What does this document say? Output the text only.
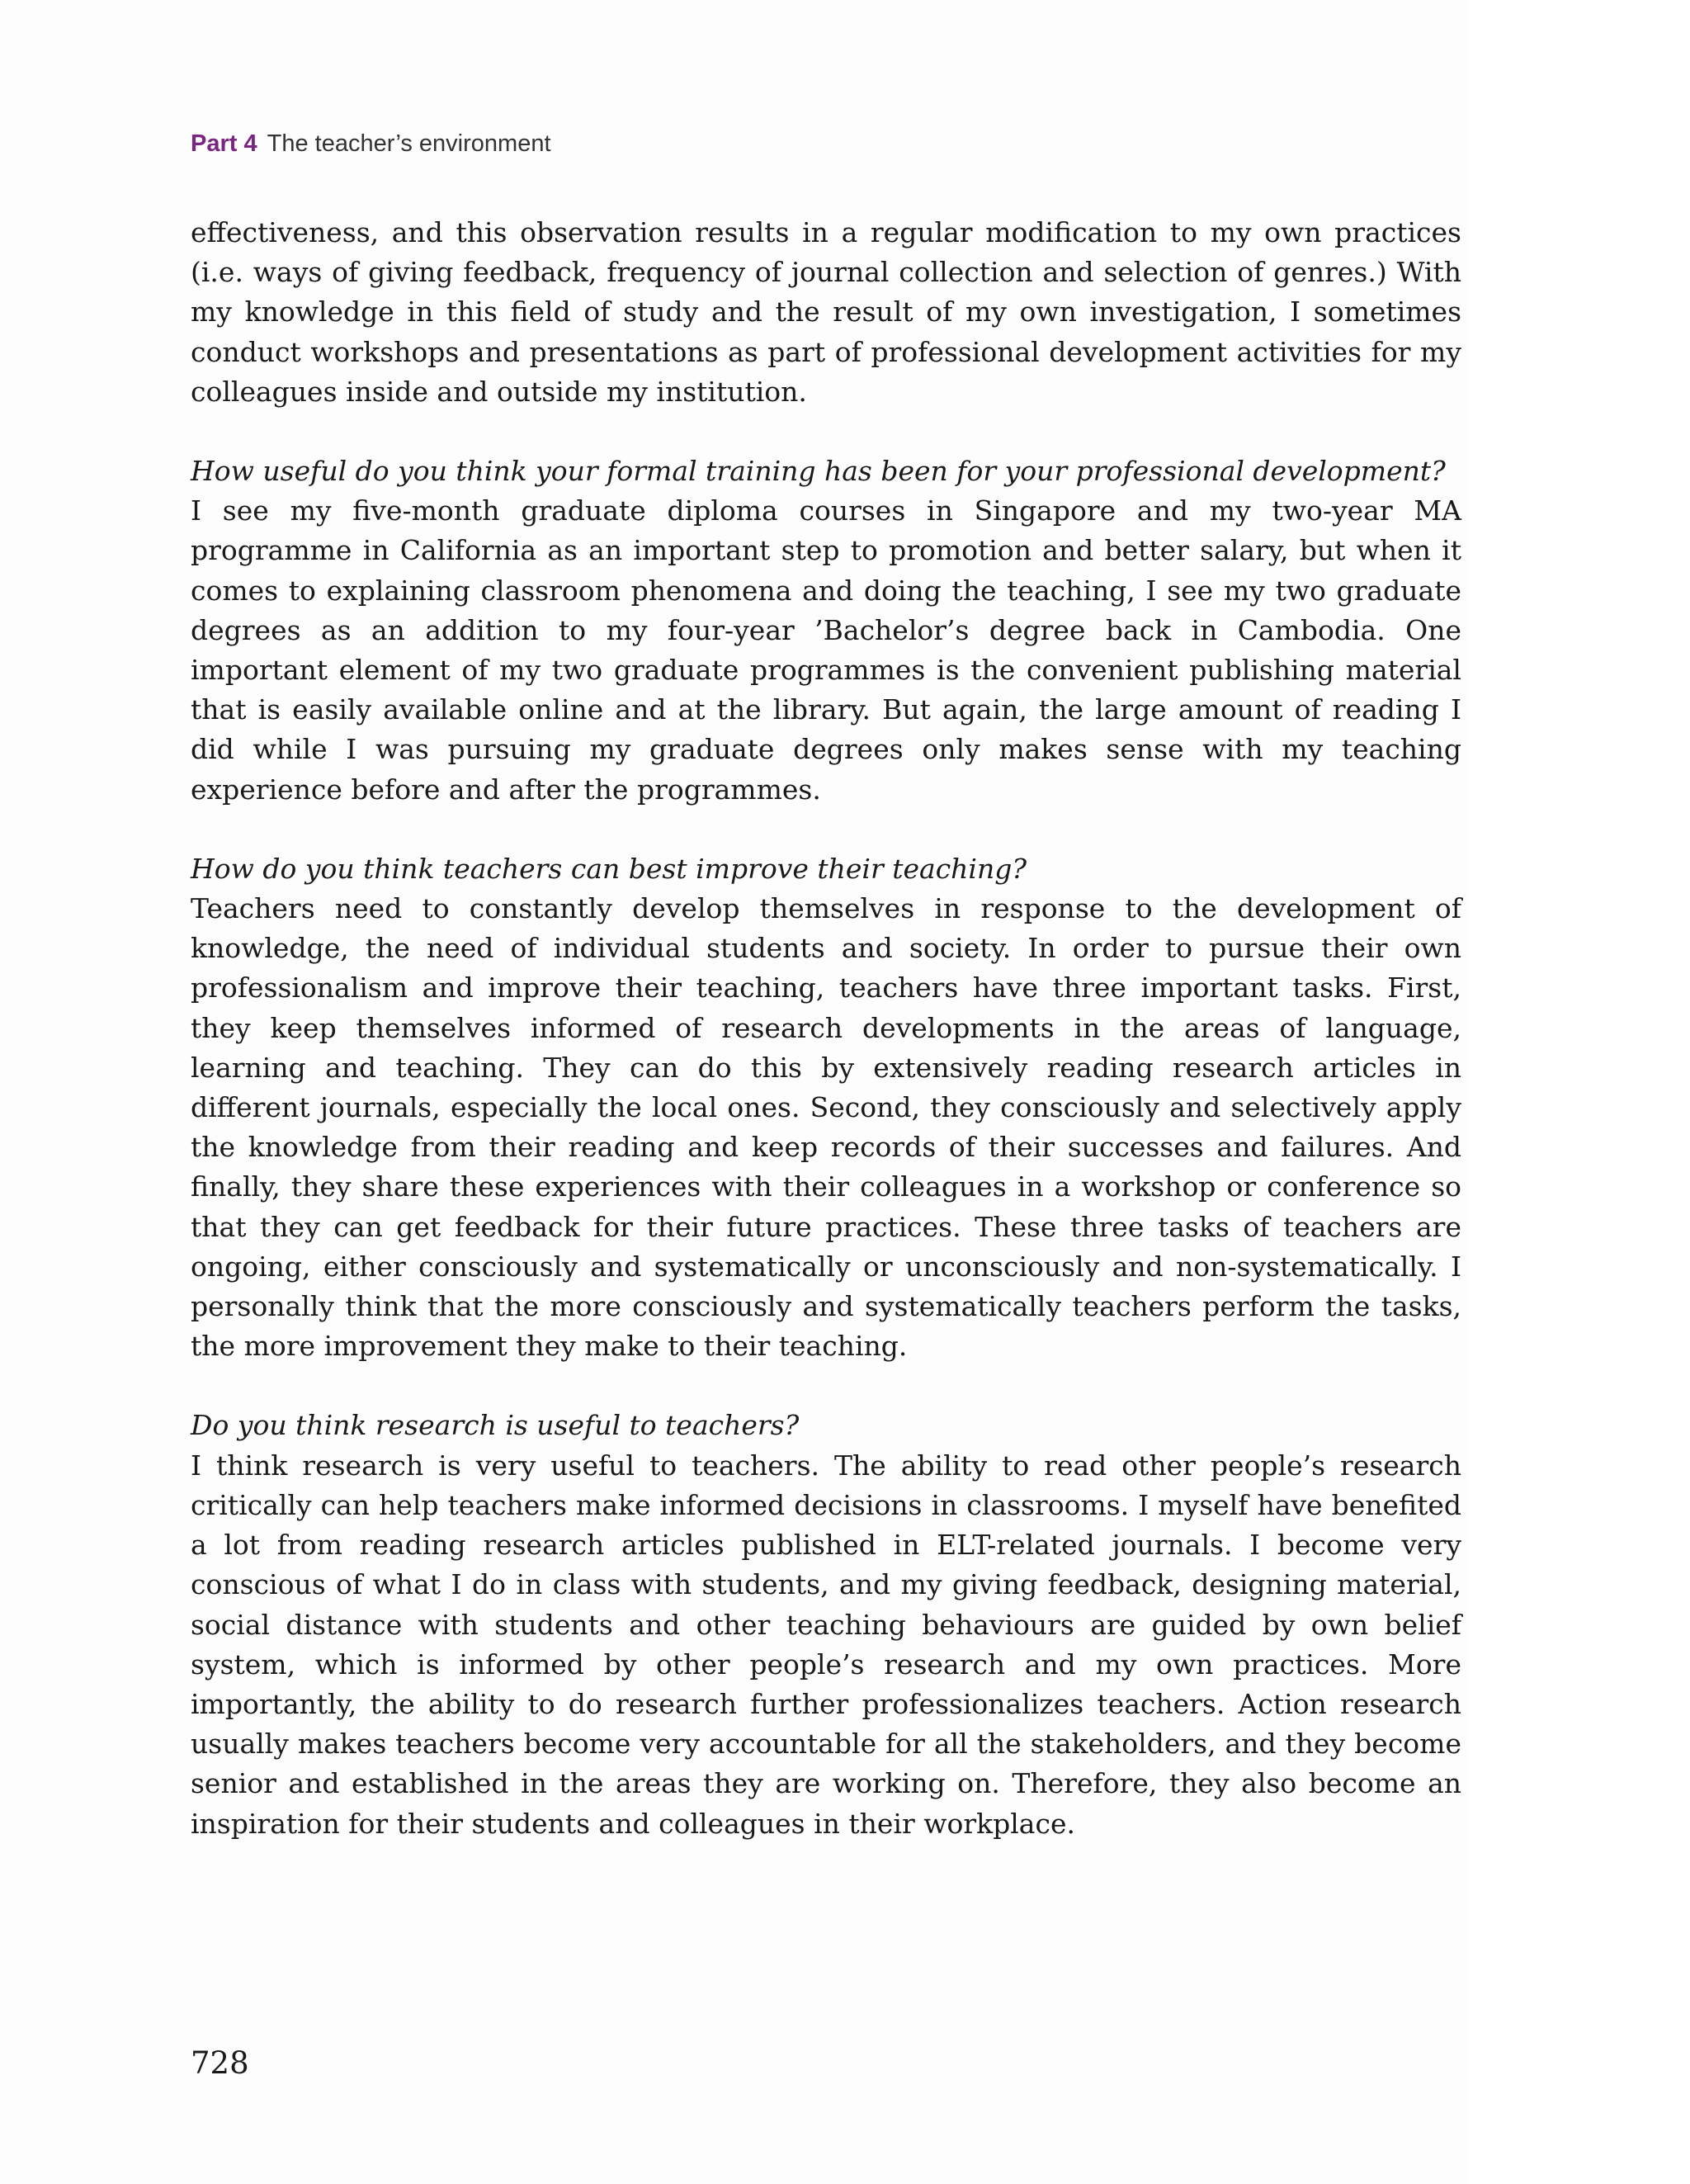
Part 4 The teacher’s environment

effectiveness, and this observation results in a regular modification to my own practices (i.e. ways of giving feedback, frequency of journal collection and selection of genres.) With my knowledge in this field of study and the result of my own investigation, I sometimes conduct workshops and presentations as part of professional development activities for my colleagues inside and outside my institution.

How useful do you think your formal training has been for your professional development?

I see my five-month graduate diploma courses in Singapore and my two-year MA programme in California as an important step to promotion and better salary, but when it comes to explaining classroom phenomena and doing the teaching, I see my two graduate degrees as an addition to my four-year ’Bachelor’s degree back in Cambodia. One important element of my two graduate programmes is the convenient publishing material that is easily available online and at the library. But again, the large amount of reading I did while I was pursuing my graduate degrees only makes sense with my teaching experience before and after the programmes.

How do you think teachers can best improve their teaching?

Teachers need to constantly develop themselves in response to the development of knowledge, the need of individual students and society. In order to pursue their own professionalism and improve their teaching, teachers have three important tasks. First, they keep themselves informed of research developments in the areas of language, learning and teaching. They can do this by extensively reading research articles in different journals, especially the local ones. Second, they consciously and selectively apply the knowledge from their reading and keep records of their successes and failures. And finally, they share these experiences with their colleagues in a workshop or conference so that they can get feedback for their future practices. These three tasks of teachers are ongoing, either consciously and systematically or unconsciously and non-systematically. I personally think that the more consciously and systematically teachers perform the tasks, the more improvement they make to their teaching.

Do you think research is useful to teachers?

I think research is very useful to teachers. The ability to read other people’s research critically can help teachers make informed decisions in classrooms. I myself have benefited a lot from reading research articles published in ELT-related journals. I become very conscious of what I do in class with students, and my giving feedback, designing material, social distance with students and other teaching behaviours are guided by own belief system, which is informed by other people’s research and my own practices. More importantly, the ability to do research further professionalizes teachers. Action research usually makes teachers become very accountable for all the stakeholders, and they become senior and established in the areas they are working on. Therefore, they also become an inspiration for their students and colleagues in their workplace.

728
